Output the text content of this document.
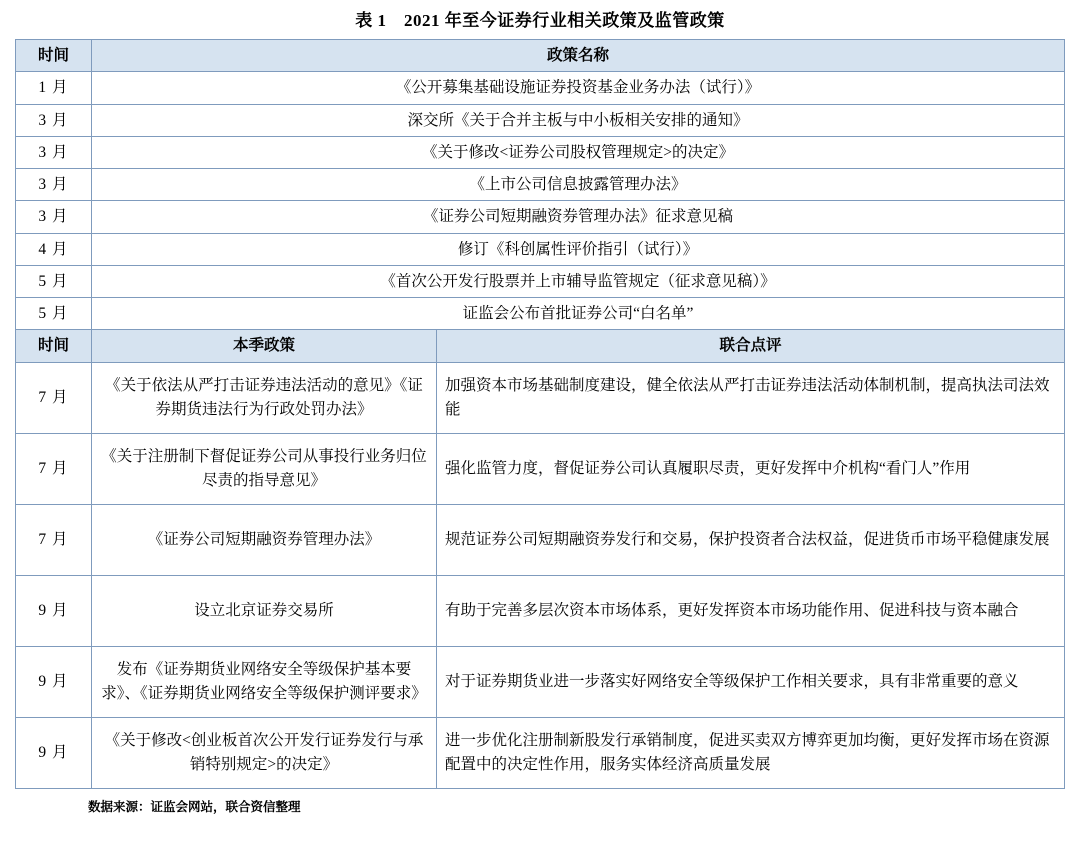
表 1　2021 年至今证券行业相关政策及监管政策
时间	政策名称	
1 月	《公开募集基础设施证券投资基金业务办法（试行）》	
3 月	深交所《关于合并主板与中小板相关安排的通知》	
3 月	《关于修改<证券公司股权管理规定>的决定》	
3 月	《上市公司信息披露管理办法》	
3 月	《证券公司短期融资券管理办法》征求意见稿	
4 月	修订《科创属性评价指引（试行）》	
5 月	《首次公开发行股票并上市辅导监管规定（征求意见稿）》	
5 月	证监会公布首批证券公司“白名单”	
时间	本季政策	联合点评
7 月	《关于依法从严打击证券违法活动的意见》《证券期货违法行为行政处罚办法》	加强资本市场基础制度建设，健全依法从严打击证券违法活动体制机制，提高执法司法效能
7 月	《关于注册制下督促证券公司从事投行业务归位尽责的指导意见》	强化监管力度，督促证券公司认真履职尽责，更好发挥中介机构“看门人”作用
7 月	《证券公司短期融资券管理办法》	规范证券公司短期融资券发行和交易，保护投资者合法权益，促进货币市场平稳健康发展
9 月	设立北京证券交易所	有助于完善多层次资本市场体系，更好发挥资本市场功能作用、促进科技与资本融合
9 月	发布《证券期货业网络安全等级保护基本要求》、《证券期货业网络安全等级保护测评要求》	对于证券期货业进一步落实好网络安全等级保护工作相关要求，具有非常重要的意义
9 月	《关于修改<创业板首次公开发行证券发行与承销特别规定>的决定》	进一步优化注册制新股发行承销制度，促进买卖双方博弈更加均衡，更好发挥市场在资源配置中的决定性作用，服务实体经济高质量发展
数据来源：证监会网站，联合资信整理
